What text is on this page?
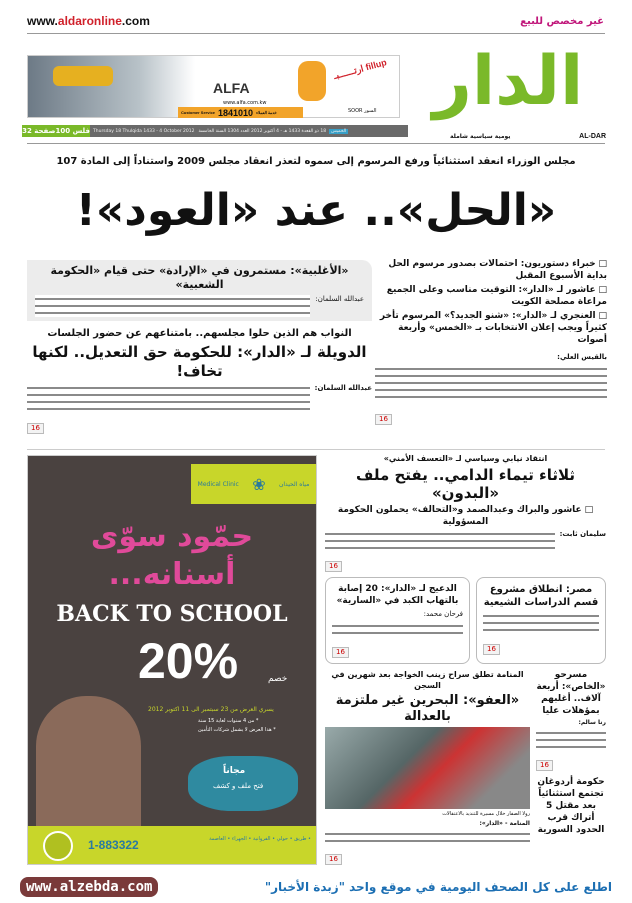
www.aldaronline.com	غير مخصص للبيع
ALFA
ارتــــــبـ fillup
www.alfa.com.kw
Customer Service 1841010 خدمة العملاء	SOOR السور
32 صفحة 100 فلس Thursday 18 Thulqida 1433 - 4 October 2012 18 ذو القعدة 1433 هـ - 4 أكتوبر 2012 العدد 1304 السنة الخامسة	الخميس
الدار
AL-DAR
يومية سياسية شاملة
مجلس الوزراء انعقد استثنائياً ورفع المرسوم إلى سموه لتعذر انعقاد مجلس 2009 واستناداً إلى المادة 107
«الحل».. عند «العود»!
□ خبراء دستوريون: احتمالات بصدور مرسوم الحل بداية الأسبوع المقبل
□ عاشور لـ «الدار»: التوقيت مناسب وعلى الجميع مراعاة مصلحة الكويت
□ العنجري لـ «الدار»: «شنو الجديد؟» المرسوم تأخر كثيراً ويجب إعلان الانتخابات بـ «الخمس» وأربعة أصوات
بالقيس العلي:
16
«الأغلبية»: مستمرون في «الإرادة» حتى قيام «الحكومة الشعبية»
عبدالله السلمان:
النواب هم الذين حلوا مجلسهم.. بامتناعهم عن حضور الجلسات
الدويلة لـ «الدار»: للحكومة حق التعديل.. لكنها تخاف!
عبدالله السلمان:
16
Medical Clinic ❀ مياه الحيدان
حمّود سوّى أسنانه...
BACK TO SCHOOL
20%	خصم
يسري العرض من 23 سبتمبر الى 11 اكتوبر 2012
* من 4 سنوات لغاية 15 سنة
* هذا العرض لا يشمل شركات التأمين
مجاناً
فتح ملف و كشف
1-883322	• طريق • حولي • الفروانية • الجهراء • العاصمة
انتقاد نيابي وسياسي لـ «التعسف الأمني»
ثلاثاء تيماء الدامي.. يفتح ملف «البدون»
□ عاشور والبراك وعبدالصمد و«التحالف» يحملون الحكومة المسؤولية
سليمان ثابت:
16
الدعيج لـ «الدار»: 20 إصابة بالتهاب الكبد في «السارية»
فرحان محمد:
16
مصر: انطلاق مشروع قسم الدراسات الشيعية
16
المنامة تطلق سراح زينب الخواجة بعد شهرين في السجن
«العفو»: البحرين غير ملتزمة بالعدالة
رولا الصفار خلال مسيرة للتنديد بالاعتقالات
المنامة - «الدار»:
16
مسرحو «الخاص»: أربعة آلاف.. أغلبهم بمؤهلات عليا
رنا سالم:
16
حكومة أردوغان تجتمع استثنائياً بعد مقتل 5 أتراك قرب الحدود السورية
www.alzebda.com	اطلع على كل الصحف اليومية في موقع واحد "زبدة الأخبار"
